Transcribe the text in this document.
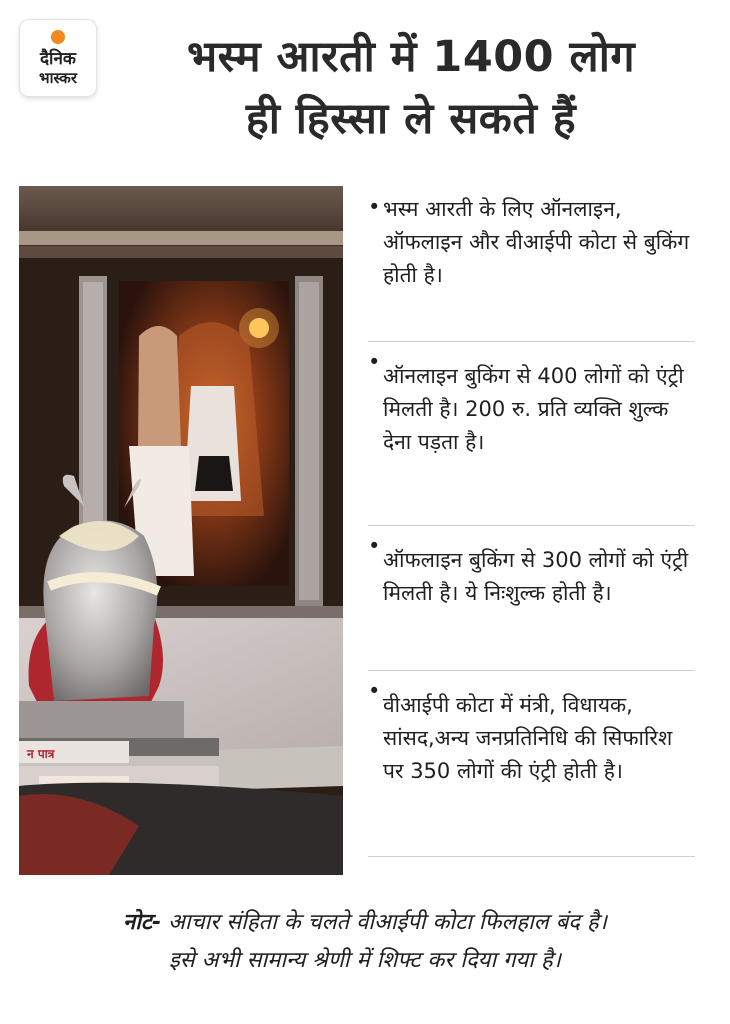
दैनिक
भास्कर	भस्म आरती में 1400 लोग
ही हिस्सा ले सकते हैं
न पात्र
• भस्म आरती के लिए ऑनलाइन, ऑफलाइन और वीआईपी कोटा से बुकिंग होती है।
•
ऑनलाइन बुकिंग से 400 लोगों को एंट्री मिलती है। 200 रु. प्रति व्यक्ति शुल्क देना पड़ता है।
•
ऑफलाइन बुकिंग से 300 लोगों को एंट्री मिलती है। ये निःशुल्क होती है।
•
वीआईपी कोटा में मंत्री, विधायक, सांसद,अन्य जनप्रतिनिधि की सिफारिश पर 350 लोगों की एंट्री होती है।
नोट- आचार संहिता के चलते वीआईपी कोटा फिलहाल बंद है।
इसे अभी सामान्य श्रेणी में शिफ्ट कर दिया गया है।
